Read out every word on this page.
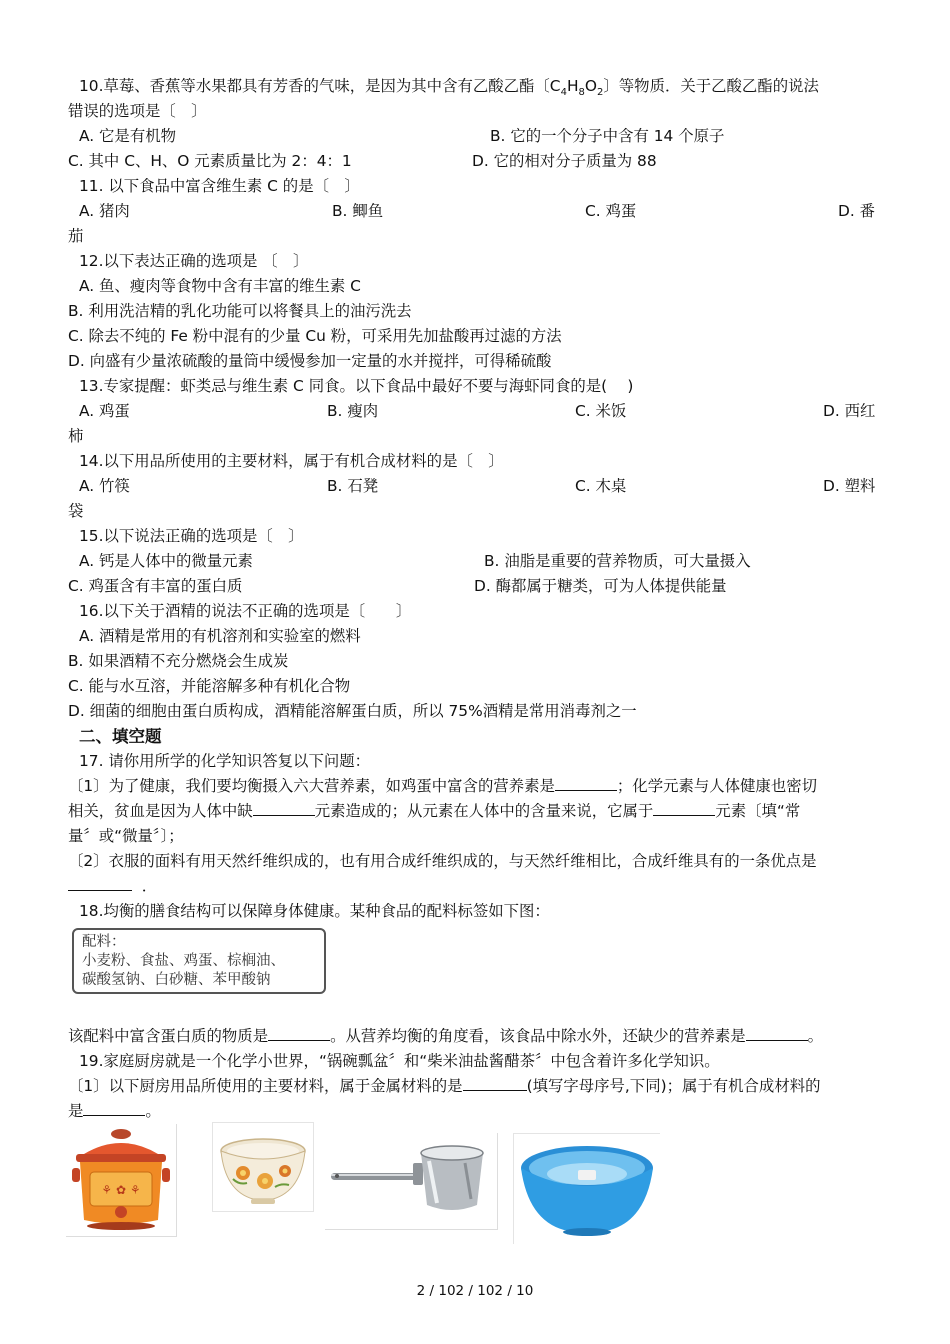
10.草莓、香蕉等水果都具有芳香的气味，是因为其中含有乙酸乙酯〔$C_4H_8O_2$〕等物质．关于乙酸乙酯的说法
错误的选项是〔　〕
A. 它是有机物	B. 它的一个分子中含有 14 个原子
C. 其中 C、H、O 元素质量比为 2：4：1	D. 它的相对分子质量为 88
11. 以下食品中富含维生素 C 的是〔　〕
A. 猪肉	B. 鲫鱼	C. 鸡蛋	D. 番
茄
12.以下表达正确的选项是 〔　〕
A. 鱼、瘦肉等食物中含有丰富的维生素 C
B. 利用洗洁精的乳化功能可以将餐具上的油污洗去
C. 除去不纯的 Fe 粉中混有的少量 Cu 粉，可采用先加盐酸再过滤的方法
D. 向盛有少量浓硫酸的量筒中缓慢参加一定量的水并搅拌，可得稀硫酸
13.专家提醒：虾类忌与维生素 C 同食。以下食品中最好不要与海虾同食的是(　 )
A. 鸡蛋	B. 瘦肉	C. 米饭	D. 西红
柿
14.以下用品所使用的主要材料，属于有机合成材料的是〔　〕
A. 竹筷	B. 石凳	C. 木桌	D. 塑料
袋
15.以下说法正确的选项是〔　〕
A. 钙是人体中的微量元素	B. 油脂是重要的营养物质，可大量摄入
C. 鸡蛋含有丰富的蛋白质	D. 酶都属于糖类，可为人体提供能量
16.以下关于酒精的说法不正确的选项是〔　　〕
A. 酒精是常用的有机溶剂和实验室的燃料
B. 如果酒精不充分燃烧会生成炭
C. 能与水互溶，并能溶解多种有机化合物
D. 细菌的细胞由蛋白质构成，酒精能溶解蛋白质，所以 75%酒精是常用消毒剂之一
二、填空题
17. 请你用所学的化学知识答复以下问题：
〔1〕为了健康，我们要均衡摄入六大营养素，如鸡蛋中富含的营养素是	；化学元素与人体健康也密切
相关，贫血是因为人体中缺	元素造成的；从元素在人体中的含量来说，它属于	元素〔填“常
量〞或“微量〞〕；
〔2〕衣服的面料有用天然纤维织成的，也有用合成纤维织成的，与天然纤维相比，合成纤维具有的一条优点是
．
18.均衡的膳食结构可以保障身体健康。某种食品的配料标签如下图：
配料：
小麦粉、食盐、鸡蛋、棕榈油、
碳酸氢钠、白砂糖、苯甲酸钠
该配料中富含蛋白质的物质是	。从营养均衡的角度看，该食品中除水外，还缺少的营养素是	。
19.家庭厨房就是一个化学小世界，“锅碗瓢盆〞和“柴米油盐酱醋茶〞中包含着许多化学知识。
〔1〕以下厨房用品所使用的主要材料，属于金属材料的是	(填写字母序号,下同)；属于有机合成材料的
是	。
⚘ ✿ ⚘
2 / 102 / 102 / 10
